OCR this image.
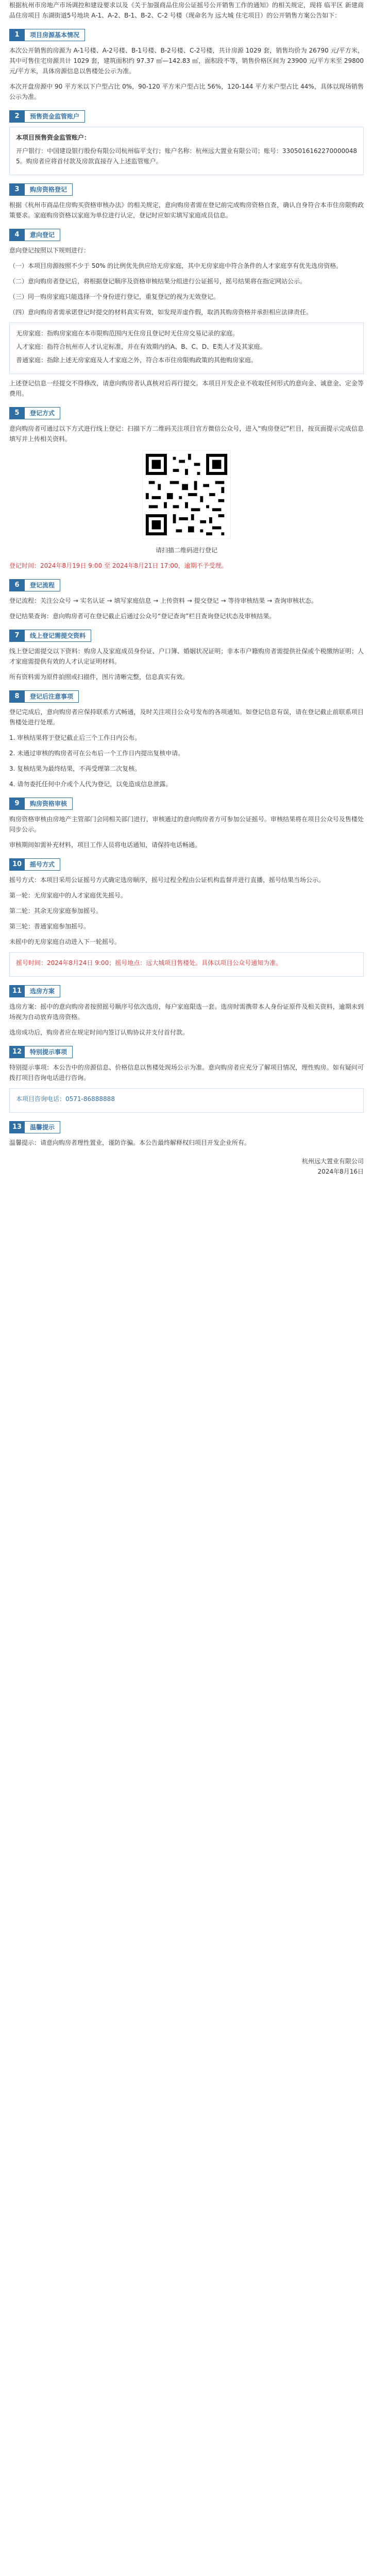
根据杭州市房地产市场调控和建设要求以及《关于加强商品住房公证摇号公开销售工作的通知》的相关规定，现将 临平区 新建商品住房项目 东湖街道5号地块 A-1、A-2、B-1、B-2、C-2 号楼（现命名为 远大城 住宅项目）的公开销售方案公告如下：

1	项目房源基本情况

本次公开销售的房源为 A-1号楼、A-2号楼、B-1号楼、B-2号楼、C-2号楼，共计房源 1029 套，销售均价为 26790 元/平方米，其中可售住宅房源共计 1029 套，建筑面积约 97.37 ㎡—142.83 ㎡，面积段不等，销售价格区间为 23900 元/平方米至 29800 元/平方米，具体房源信息以售楼处公示为准。

本次开盘房源中 90 平方米以下户型占比 0%，90-120 平方米户型占比 56%，120-144 平方米户型占比 44%，具体以现场销售公示为准。

2	预售资金监管账户

本项目预售资金监管账户：

开户银行：中国建设银行股份有限公司杭州临平支行；账户名称：杭州远大置业有限公司；账号：33050161622700000485。购房者应将首付款及房款直接存入上述监管账户。

3	购房资格登记

根据《杭州市商品住房购买资格审核办法》的相关规定，意向购房者需在登记前完成购房资格自查，确认自身符合本市住房限购政策要求。家庭购房资格以家庭为单位进行认定，登记时应如实填写家庭成员信息。

4	意向登记

意向登记按照以下规则进行：

（一）本项目房源按照不少于 50% 的比例优先供应给无房家庭，其中无房家庭中符合条件的人才家庭享有优先选房资格。

（二）意向购房者登记后，将根据登记顺序及资格审核结果分组进行公证摇号，摇号结果将在指定网站公示。

（三）同一购房家庭只能选择一个身份进行登记，重复登记的视为无效登记。

（四）意向购房者需承诺登记时提交的材料真实有效，如发现弄虚作假，取消其购房资格并承担相应法律责任。

无房家庭：指购房家庭在本市限购范围内无住房且登记时无住房交易记录的家庭。

人才家庭：指符合杭州市人才认定标准，并在有效期内的A、B、C、D、E类人才及其家庭。

普通家庭：指除上述无房家庭及人才家庭之外，符合本市住房限购政策的其他购房家庭。

上述登记信息一经提交不得修改，请意向购房者认真核对后再行提交。本项目开发企业不收取任何形式的意向金、诚意金、定金等费用。

5	登记方式

意向购房者可通过以下方式进行线上登记：扫描下方二维码关注项目官方微信公众号，进入“购房登记”栏目，按页面提示完成信息填写并上传相关资料。

请扫描二维码进行登记

登记时间：2024年8月19日 9:00 至 2024年8月21日 17:00，逾期不予受理。

6	登记流程

登记流程：关注公众号 → 实名认证 → 填写家庭信息 → 上传资料 → 提交登记 → 等待审核结果 → 查询审核状态。

登记结果查询：意向购房者可在登记截止后通过公众号“登记查询”栏目查询登记状态及审核结果。

7	线上登记需提交资料

线上登记需提交以下资料：购房人及家庭成员身份证、户口簿、婚姻状况证明；非本市户籍购房者需提供社保或个税缴纳证明；人才家庭需提供有效的人才认定证明材料。

所有资料需为原件拍照或扫描件，图片清晰完整，信息真实有效。

8	登记后注意事项

登记完成后，意向购房者应保持联系方式畅通，及时关注项目公众号发布的各项通知。如登记信息有误，请在登记截止前联系项目售楼处进行处理。

1. 审核结果将于登记截止后三个工作日内公布。

2. 未通过审核的购房者可在公布后一个工作日内提出复核申请。

3. 复核结果为最终结果，不再受理第二次复核。

4. 请勿委托任何中介或个人代为登记，以免造成信息泄露。

9	购房资格审核

购房资格审核由房地产主管部门会同相关部门进行，审核通过的意向购房者方可参加公证摇号。审核结果将在项目公众号及售楼处同步公示。

审核期间如需补充材料，项目工作人员将电话通知，请保持电话畅通。

10	摇号方式

摇号方式：本项目采用公证摇号方式确定选房顺序，摇号过程全程由公证机构监督并进行直播，摇号结果当场公示。

第一轮：无房家庭中的人才家庭优先摇号。

第二轮：其余无房家庭参加摇号。

第三轮：普通家庭参加摇号。

未摇中的无房家庭自动进入下一轮摇号。

摇号时间：2024年8月24日 9:00；摇号地点：远大城项目售楼处。具体以项目公众号通知为准。

11	选房方案

选房方案：摇中的意向购房者按照摇号顺序号依次选房，每户家庭限选一套。选房时需携带本人身份证原件及相关资料，逾期未到场视为自动放弃选房资格。

选房成功后，购房者应在规定时间内签订认购协议并支付首付款。

12	特别提示事项

特别提示事项：本公告中的房源信息、价格信息以售楼处现场公示为准。意向购房者应充分了解项目情况，理性购房。如有疑问可拨打项目咨询电话进行咨询。

本项目咨询电话：0571-86888888

13	温馨提示

温馨提示：请意向购房者理性置业，谨防诈骗。本公告最终解释权归项目开发企业所有。

杭州远大置业有限公司
2024年8月16日
